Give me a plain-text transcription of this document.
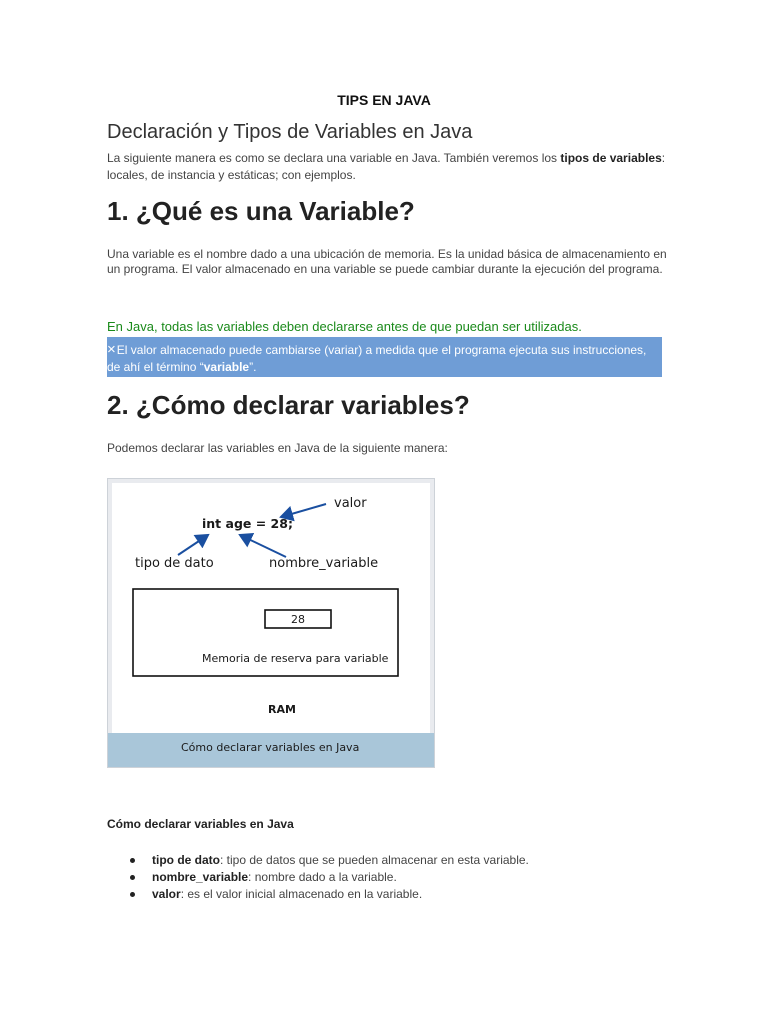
TIPS EN JAVA
Declaración y Tipos de Variables en Java
La siguiente manera es como se declara una variable en Java. También veremos los tipos de variables: locales, de instancia y estáticas; con ejemplos.
1. ¿Qué es una Variable?
Una variable es el nombre dado a una ubicación de memoria. Es la unidad básica de almacenamiento en un programa. El valor almacenado en una variable se puede cambiar durante la ejecución del programa.
En Java, todas las variables deben declararse antes de que puedan ser utilizadas.
×El valor almacenado puede cambiarse (variar) a medida que el programa ejecuta sus instrucciones, de ahí el término “variable”.
2. ¿Cómo declarar variables?
Podemos declarar las variables en Java de la siguiente manera:
int age = 28;
valor
tipo de dato	nombre_variable
28
Memoria de reserva para variable
RAM
Cómo declarar variables en Java
Cómo declarar variables en Java
tipo de dato: tipo de datos que se pueden almacenar en esta variable.
nombre_variable: nombre dado a la variable.
valor: es el valor inicial almacenado en la variable.
